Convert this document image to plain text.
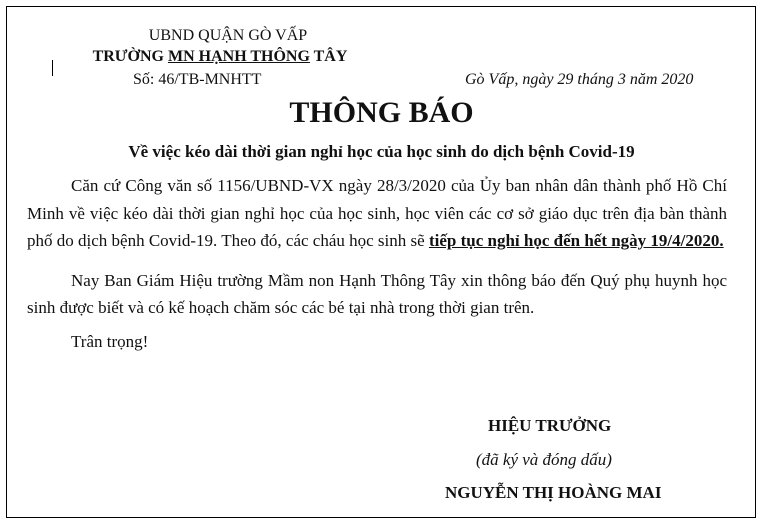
UBND QUẬN GÒ VẤP
TRƯỜNG MN HẠNH THÔNG TÂY
Số: 46/TB-MNHTT	Gò Vấp, ngày 29 tháng 3 năm 2020
THÔNG BÁO
Về việc kéo dài thời gian nghỉ học của học sinh do dịch bệnh Covid-19

Căn cứ Công văn số 1156/UBND-VX ngày 28/3/2020 của Ủy ban nhân dân thành phố Hồ Chí Minh về việc kéo dài thời gian nghỉ học của học sinh, học viên các cơ sở giáo dục trên địa bàn thành phố do dịch bệnh Covid-19. Theo đó, các cháu học sinh sẽ tiếp tục nghỉ học đến hết ngày 19/4/2020.

Nay Ban Giám Hiệu trường Mầm non Hạnh Thông Tây xin thông báo đến Quý phụ huynh học sinh được biết và có kế hoạch chăm sóc các bé tại nhà trong thời gian trên.

Trân trọng!

HIỆU TRƯỞNG
(đã ký và đóng dấu)
NGUYỄN THỊ HOÀNG MAI
